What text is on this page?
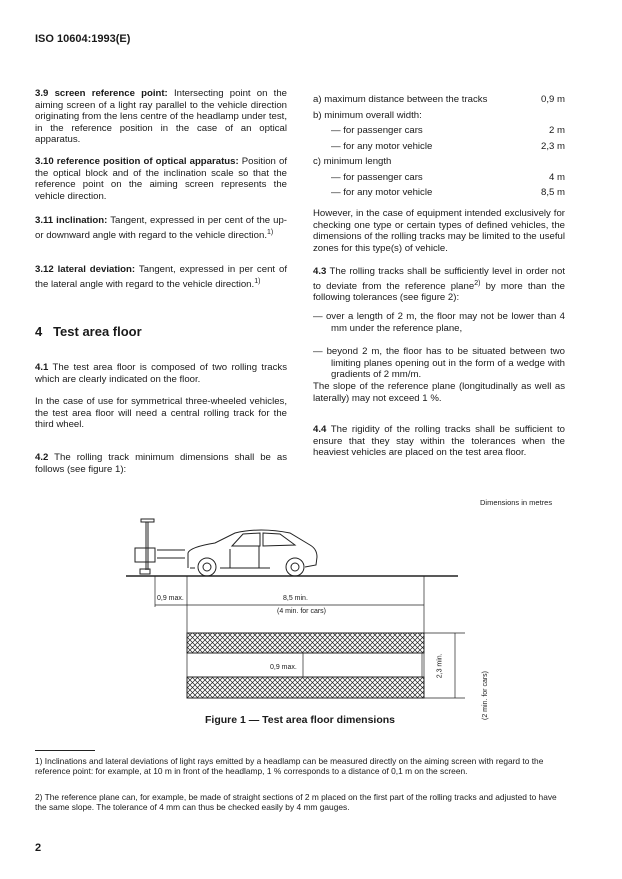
ISO 10604:1993(E)

3.9 screen reference point: Intersecting point on the aiming screen of a light ray parallel to the vehicle direction originating from the lens centre of the headlamp under test, in the reference position in the case of an optical apparatus.

3.10 reference position of optical apparatus: Position of the optical block and of the inclination scale so that the reference point on the aiming screen represents the vehicle direction.

3.11 inclination: Tangent, expressed in per cent of the up- or downward angle with regard to the vehicle direction.$^{1)}$

3.12 lateral deviation: Tangent, expressed in per cent of the lateral angle with regard to the vehicle direction.$^{1)}$

4   Test area floor

4.1 The test area floor is composed of two rolling tracks which are clearly indicated on the floor.

In the case of use for symmetrical three-wheeled vehicles, the test area floor will need a central rolling track for the third wheel.

4.2 The rolling track minimum dimensions shall be as follows (see figure 1):

a) maximum distance between the tracks	0,9 m
b) minimum overall width:
— for passenger cars	2 m
— for any motor vehicle	2,3 m
c) minimum length
— for passenger cars	4 m
— for any motor vehicle	8,5 m
However, in the case of equipment intended exclusively for checking one type or certain types of defined vehicles, the dimensions of the rolling tracks may be limited to the useful zones for this type(s) of vehicle.

4.3 The rolling tracks shall be sufficiently level in order not to deviate from the reference plane$^{2)}$ by more than the following tolerances (see figure 2):

— over a length of 2 m, the floor may not be lower than 4 mm under the reference plane,
— beyond 2 m, the floor has to be situated between two limiting planes opening out in the form of a wedge with gradients of 2 mm/m.
The slope of the reference plane (longitudinally as well as laterally) may not exceed 1 %.

4.4 The rigidity of the rolling tracks shall be sufficient to ensure that they stay within the tolerances when the heaviest vehicles are placed on the test area floor.

Dimensions in metres
0,9 max.	8,5 min.
(4 min. for cars)
0,9 max.	2,3 min.
(2 min. for cars)
Figure 1 — Test area floor dimensions
1) Inclinations and lateral deviations of light rays emitted by a headlamp can be measured directly on the aiming screen with regard to the reference point: for example, at 10 m in front of the headlamp, 1 % corresponds to a distance of 0,1 m on the screen.
2) The reference plane can, for example, be made of straight sections of 2 m placed on the first part of the rolling tracks and adjusted to have the same slope. The tolerance of 4 mm can thus be checked easily by 4 mm gauges.
2
